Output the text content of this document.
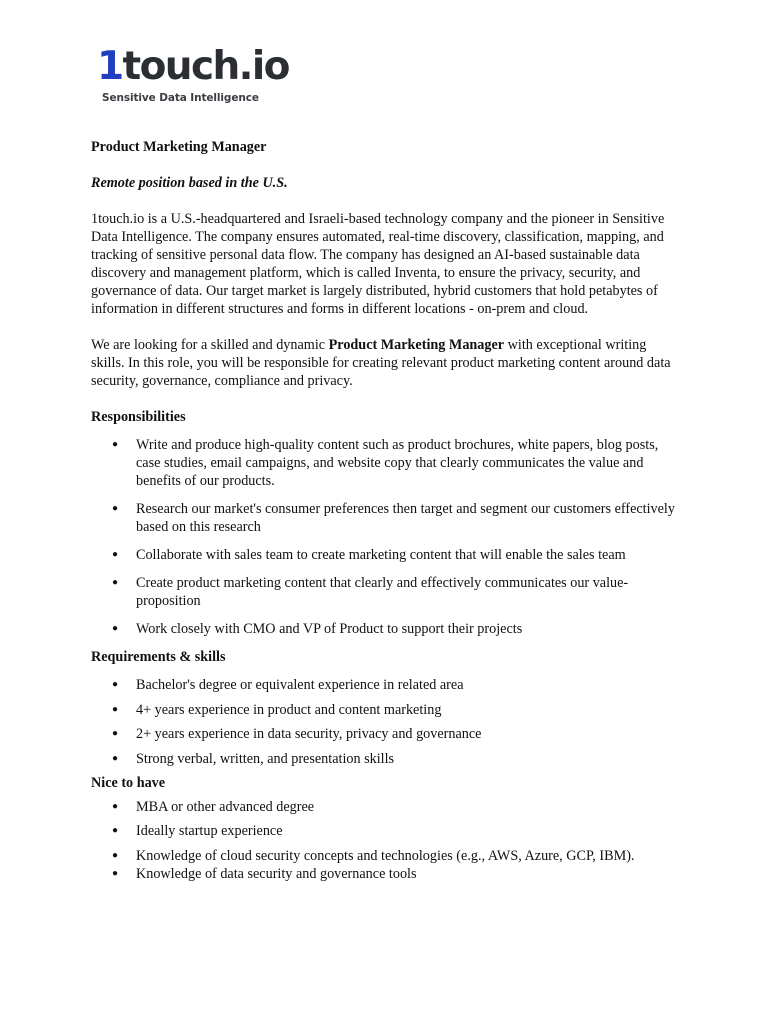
1touch.io
Sensitive Data Intelligence

Product Marketing Manager

Remote position based in the U.S.

1touch.io is a U.S.-headquartered and Israeli-based technology company and the pioneer in Sensitive Data Intelligence. The company ensures automated, real-time discovery, classification, mapping, and tracking of sensitive personal data flow. The company has designed an AI-based sustainable data discovery and management platform, which is called Inventa, to ensure the privacy, security, and governance of data. Our target market is largely distributed, hybrid customers that hold petabytes of information in different structures and forms in different locations - on-prem and cloud.

We are looking for a skilled and dynamic Product Marketing Manager with exceptional writing skills. In this role, you will be responsible for creating relevant product marketing content around data security, governance, compliance and privacy.

Responsibilities

● Write and produce high-quality content such as product brochures, white papers, blog posts, case studies, email campaigns, and website copy that clearly communicates the value and benefits of our products.
● Research our market's consumer preferences then target and segment our customers effectively based on this research
● Collaborate with sales team to create marketing content that will enable the sales team
● Create product marketing content that clearly and effectively communicates our value-proposition
● Work closely with CMO and VP of Product to support their projects

Requirements & skills

● Bachelor's degree or equivalent experience in related area
● 4+ years experience in product and content marketing
● 2+ years experience in data security, privacy and governance
● Strong verbal, written, and presentation skills

Nice to have

● MBA or other advanced degree
● Ideally startup experience
● Knowledge of cloud security concepts and technologies (e.g., AWS, Azure, GCP, IBM).
● Knowledge of data security and governance tools
